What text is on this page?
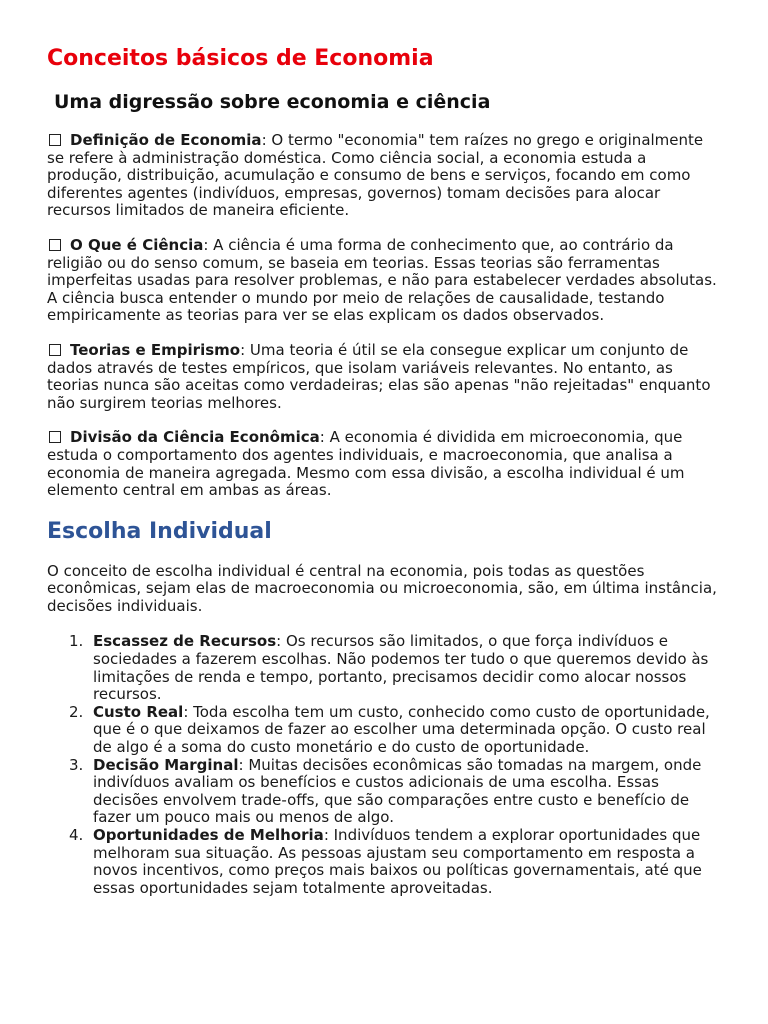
Conceitos básicos de Economia
Uma digressão sobre economia e ciência

Definição de Economia: O termo "economia" tem raízes no grego e originalmente se refere à administração doméstica. Como ciência social, a economia estuda a produção, distribuição, acumulação e consumo de bens e serviços, focando em como diferentes agentes (indivíduos, empresas, governos) tomam decisões para alocar recursos limitados de maneira eficiente.

O Que é Ciência: A ciência é uma forma de conhecimento que, ao contrário da religião ou do senso comum, se baseia em teorias. Essas teorias são ferramentas imperfeitas usadas para resolver problemas, e não para estabelecer verdades absolutas. A ciência busca entender o mundo por meio de relações de causalidade, testando empiricamente as teorias para ver se elas explicam os dados observados.

Teorias e Empirismo: Uma teoria é útil se ela consegue explicar um conjunto de dados através de testes empíricos, que isolam variáveis relevantes. No entanto, as teorias nunca são aceitas como verdadeiras; elas são apenas "não rejeitadas" enquanto não surgirem teorias melhores.

Divisão da Ciência Econômica: A economia é dividida em microeconomia, que estuda o comportamento dos agentes individuais, e macroeconomia, que analisa a economia de maneira agregada. Mesmo com essa divisão, a escolha individual é um elemento central em ambas as áreas.

Escolha Individual

O conceito de escolha individual é central na economia, pois todas as questões econômicas, sejam elas de macroeconomia ou microeconomia, são, em última instância, decisões individuais.

1. Escassez de Recursos: Os recursos são limitados, o que força indivíduos e sociedades a fazerem escolhas. Não podemos ter tudo o que queremos devido às limitações de renda e tempo, portanto, precisamos decidir como alocar nossos recursos.
2. Custo Real: Toda escolha tem um custo, conhecido como custo de oportunidade, que é o que deixamos de fazer ao escolher uma determinada opção. O custo real de algo é a soma do custo monetário e do custo de oportunidade.
3. Decisão Marginal: Muitas decisões econômicas são tomadas na margem, onde indivíduos avaliam os benefícios e custos adicionais de uma escolha. Essas decisões envolvem trade-offs, que são comparações entre custo e benefício de fazer um pouco mais ou menos de algo.
4. Oportunidades de Melhoria: Indivíduos tendem a explorar oportunidades que melhoram sua situação. As pessoas ajustam seu comportamento em resposta a novos incentivos, como preços mais baixos ou políticas governamentais, até que essas oportunidades sejam totalmente aproveitadas.
